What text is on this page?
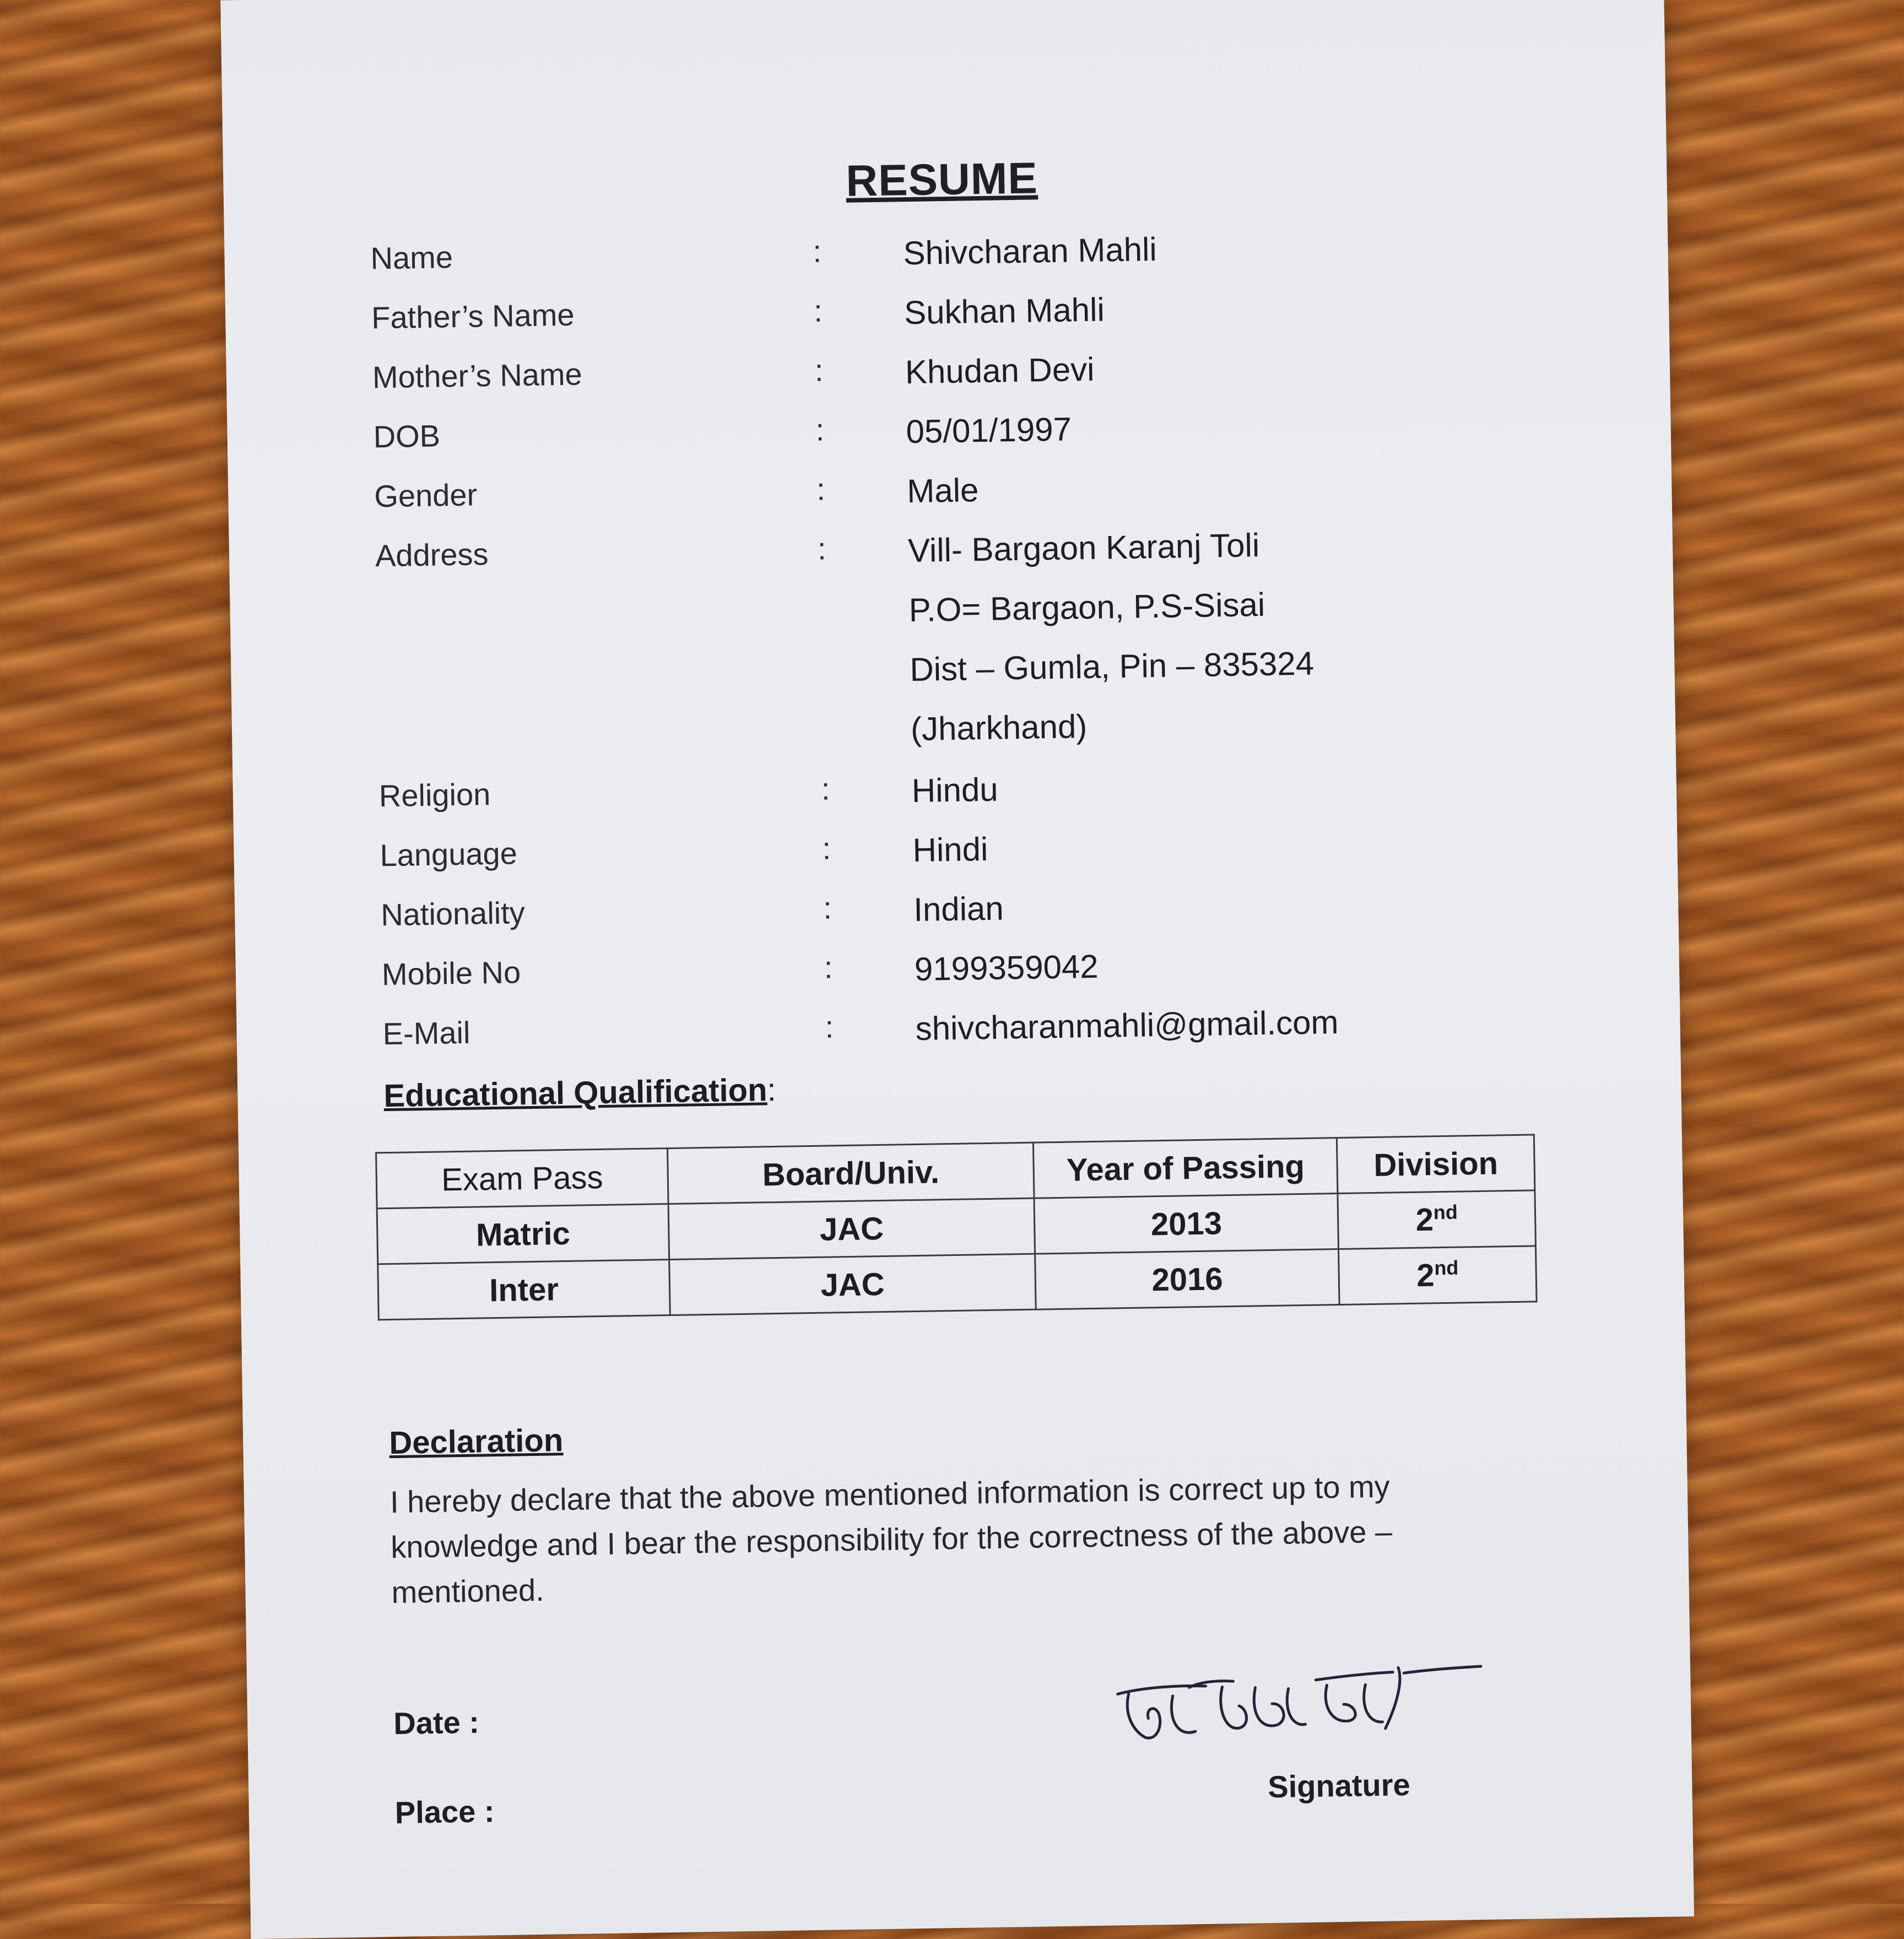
RESUME
Name	: Shivcharan Mahli
Father’s Name	: Sukhan Mahli
Mother’s Name	: Khudan Devi
DOB	: 05/01/1997
Gender	: Male
Address	: Vill- Bargaon Karanj Toli
P.O= Bargaon, P.S-Sisai
Dist – Gumla, Pin – 835324
(Jharkhand)
Religion	: Hindu
Language	: Hindi
Nationality	: Indian
Mobile No	: 9199359042
E-Mail	: shivcharanmahli@gmail.com
Educational Qualification:
Exam Pass	Board/Univ.	Year of Passing	Division
Matric	JAC	2013	2nd
Inter	JAC	2016	2nd
Declaration
I hereby declare that the above mentioned information is correct up to my knowledge and I bear the responsibility for the correctness of the above – mentioned.
Date :
Place :
Signature
